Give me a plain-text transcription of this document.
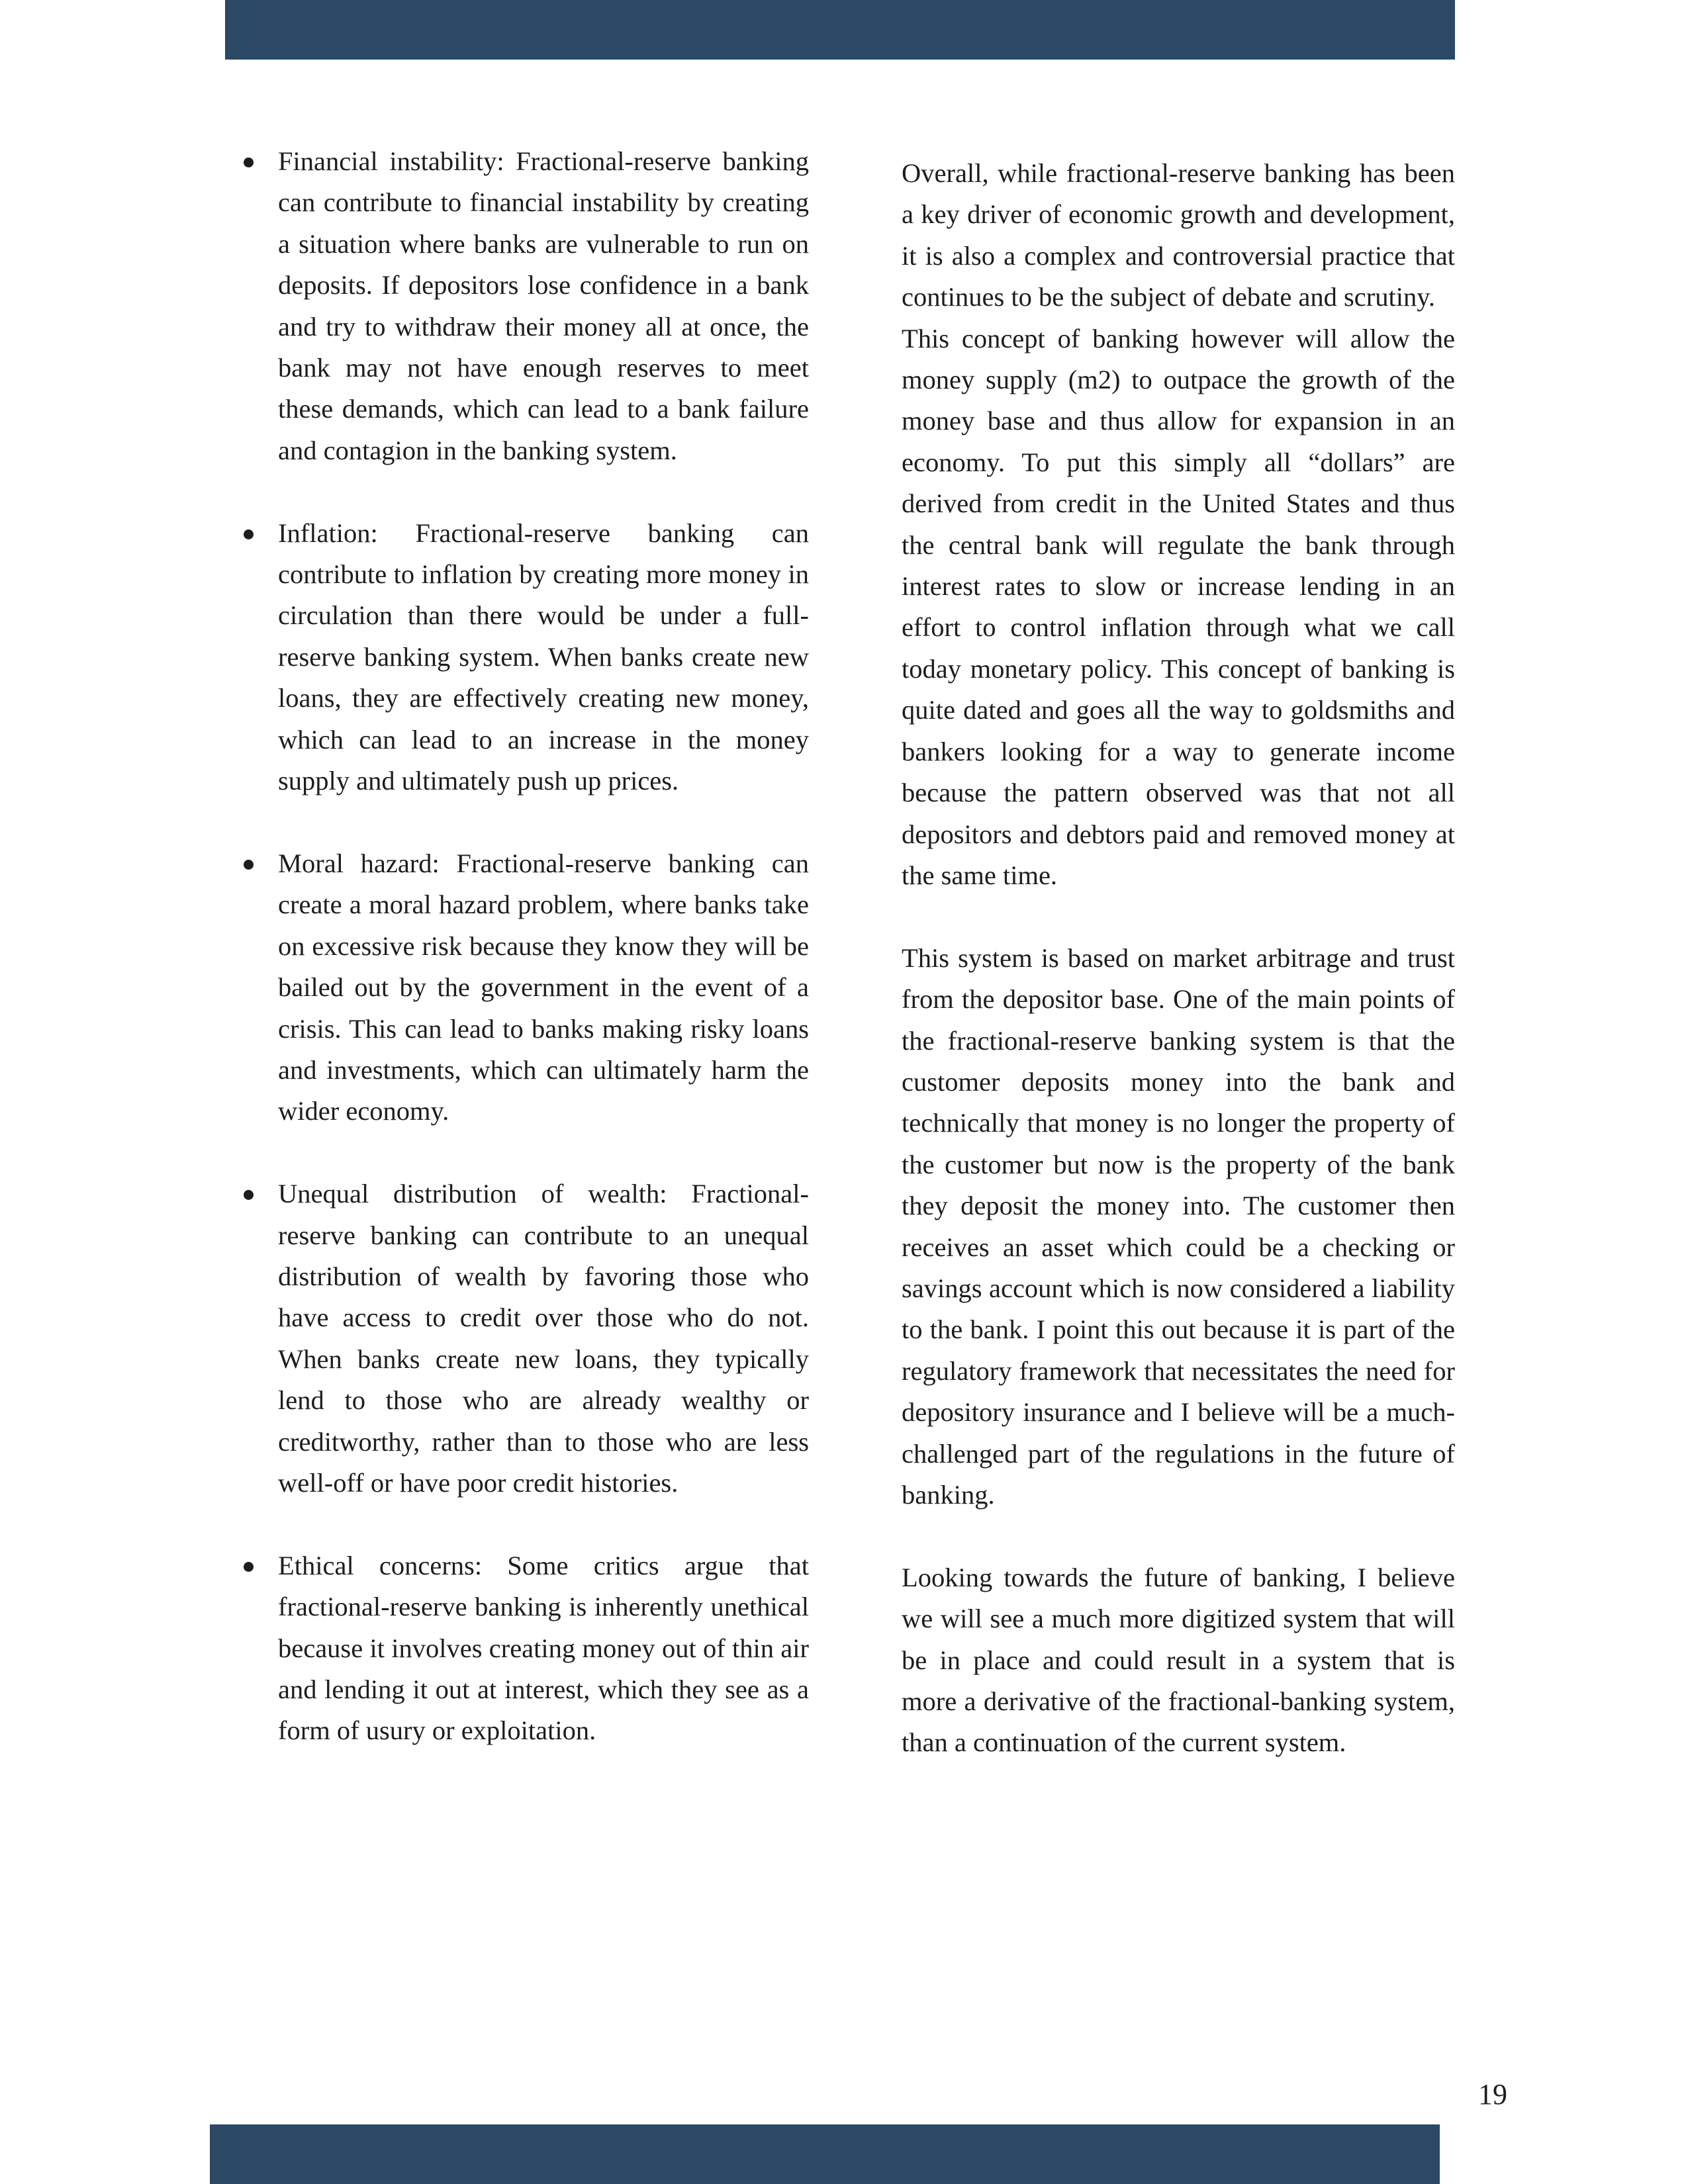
Financial instability: Fractional-reserve banking can contribute to financial instability by creating a situation where banks are vulnerable to run on deposits. If depositors lose confidence in a bank and try to withdraw their money all at once, the bank may not have enough reserves to meet these demands, which can lead to a bank failure and contagion in the banking system.
Inflation: Fractional-reserve banking can contribute to inflation by creating more money in circulation than there would be under a full-reserve banking system. When banks create new loans, they are effectively creating new money, which can lead to an increase in the money supply and ultimately push up prices.
Moral hazard: Fractional-reserve banking can create a moral hazard problem, where banks take on excessive risk because they know they will be bailed out by the government in the event of a crisis. This can lead to banks making risky loans and investments, which can ultimately harm the wider economy.
Unequal distribution of wealth: Fractional-reserve banking can contribute to an unequal distribution of wealth by favoring those who have access to credit over those who do not. When banks create new loans, they typically lend to those who are already wealthy or creditworthy, rather than to those who are less well-off or have poor credit histories.
Ethical concerns: Some critics argue that fractional-reserve banking is inherently unethical because it involves creating money out of thin air and lending it out at interest, which they see as a form of usury or exploitation.

Overall, while fractional-reserve banking has been a key driver of economic growth and development, it is also a complex and controversial practice that continues to be the subject of debate and scrutiny.

This concept of banking however will allow the money supply (m2) to outpace the growth of the money base and thus allow for expansion in an economy. To put this simply all “dollars” are derived from credit in the United States and thus the central bank will regulate the bank through interest rates to slow or increase lending in an effort to control inflation through what we call today monetary policy. This concept of banking is quite dated and goes all the way to goldsmiths and bankers looking for a way to generate income because the pattern observed was that not all depositors and debtors paid and removed money at the same time.

This system is based on market arbitrage and trust from the depositor base. One of the main points of the fractional-reserve banking system is that the customer deposits money into the bank and technically that money is no longer the property of the customer but now is the property of the bank they deposit the money into. The customer then receives an asset which could be a checking or savings account which is now considered a liability to the bank. I point this out because it is part of the regulatory framework that necessitates the need for depository insurance and I believe will be a much-challenged part of the regulations in the future of banking.

Looking towards the future of banking, I believe we will see a much more digitized system that will be in place and could result in a system that is more a derivative of the fractional-banking system, than a continuation of the current system.

19
